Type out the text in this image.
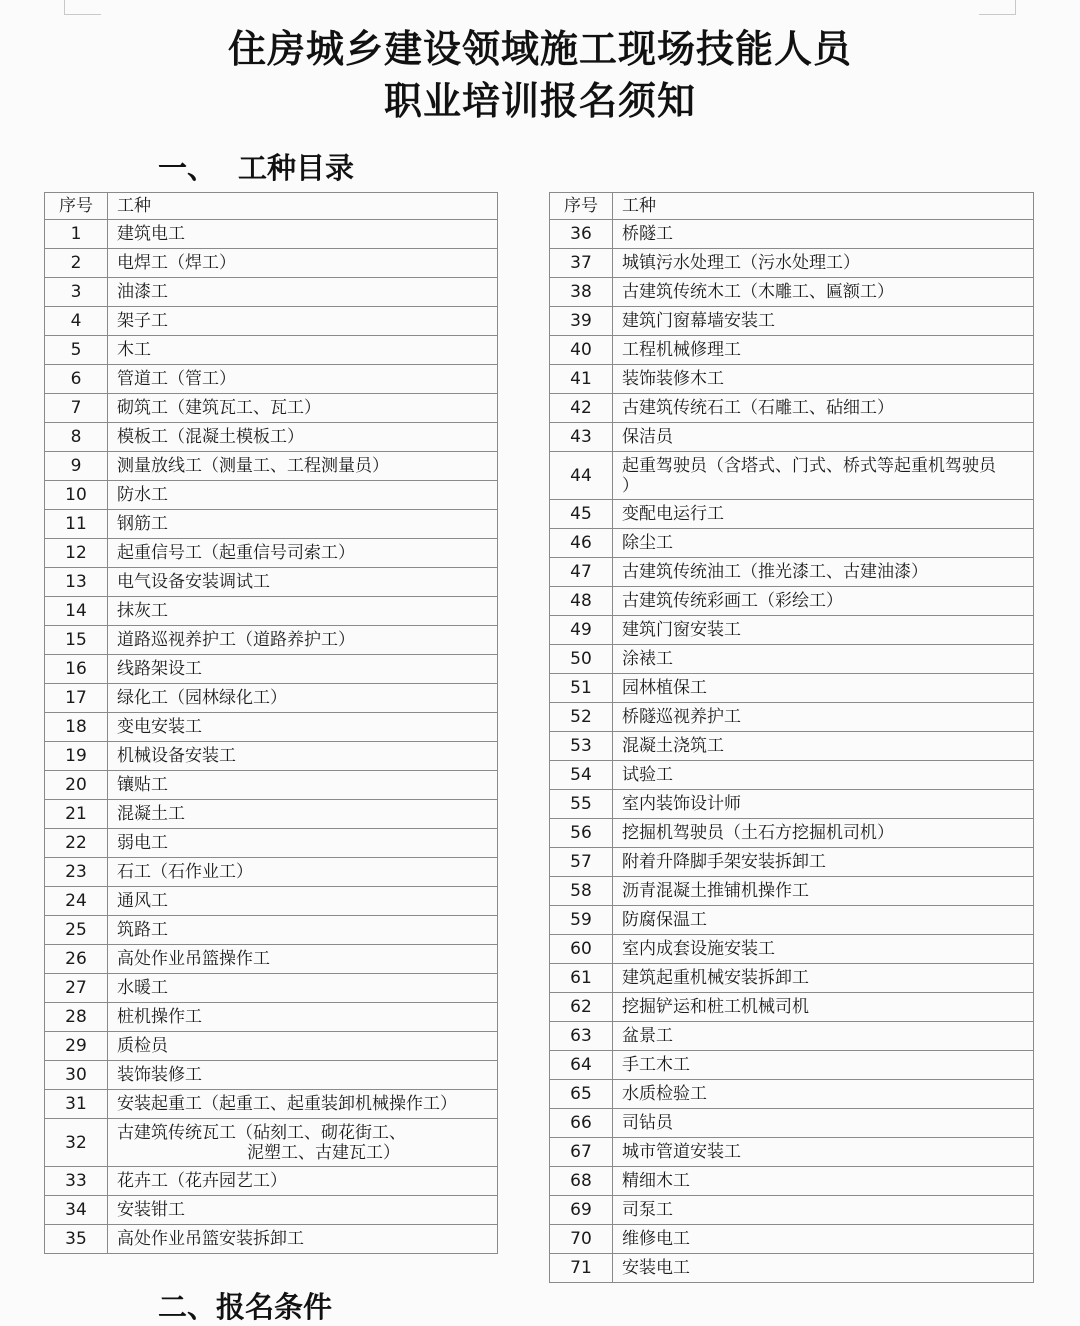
住房城乡建设领域施工现场技能人员
职业培训报名须知
一、 工种目录
序号	工种
1	建筑电工
2	电焊工（焊工）
3	油漆工
4	架子工
5	木工
6	管道工（管工）
7	砌筑工（建筑瓦工、瓦工）
8	模板工（混凝土模板工）
9	测量放线工（测量工、工程测量员）
10	防水工
11	钢筋工
12	起重信号工（起重信号司索工）
13	电气设备安装调试工
14	抹灰工
15	道路巡视养护工（道路养护工）
16	线路架设工
17	绿化工（园林绿化工）
18	变电安装工
19	机械设备安装工
20	镶贴工
21	混凝土工
22	弱电工
23	石工（石作业工）
24	通风工
25	筑路工
26	高处作业吊篮操作工
27	水暖工
28	桩机操作工
29	质检员
30	装饰装修工
31	安装起重工（起重工、起重装卸机械操作工）
32	古建筑传统瓦工（砧刻工、砌花街工、
泥塑工、古建瓦工）

33	花卉工（花卉园艺工）
34	安装钳工
35	高处作业吊篮安装拆卸工
序号	工种
36	桥隧工
37	城镇污水处理工（污水处理工）
38	古建筑传统木工（木雕工、匾额工）
39	建筑门窗幕墙安装工
40	工程机械修理工
41	装饰装修木工
42	古建筑传统石工（石雕工、砧细工）
43	保洁员
44	起重驾驶员（含塔式、门式、桥式等起重机驾驶员
）

45	变配电运行工
46	除尘工
47	古建筑传统油工（推光漆工、古建油漆）
48	古建筑传统彩画工（彩绘工）
49	建筑门窗安装工
50	涂裱工
51	园林植保工
52	桥隧巡视养护工
53	混凝土浇筑工
54	试验工
55	室内装饰设计师
56	挖掘机驾驶员（土石方挖掘机司机）
57	附着升降脚手架安装拆卸工
58	沥青混凝土推铺机操作工
59	防腐保温工
60	室内成套设施安装工
61	建筑起重机械安装拆卸工
62	挖掘铲运和桩工机械司机
63	盆景工
64	手工木工
65	水质检验工
66	司钻员
67	城市管道安装工
68	精细木工
69	司泵工
70	维修电工
71	安装电工
二、报名条件
